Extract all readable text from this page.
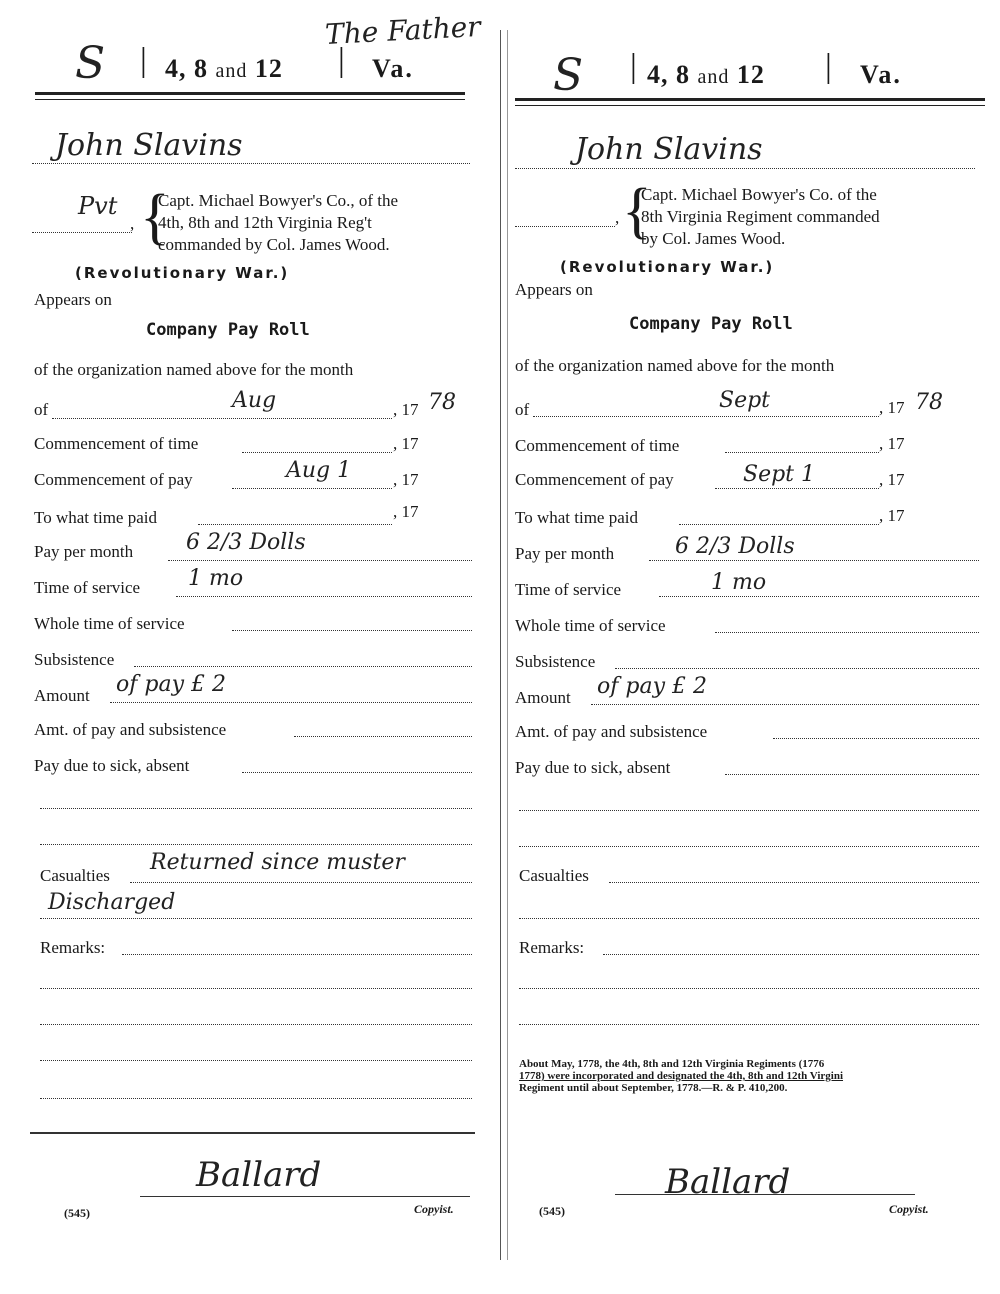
The Father
S | 4, 8 and 12 | Va.
John Slavins
Pvt
, {
Capt. Michael Bowyer's Co., of the
4th, 8th and 12th Virginia Reg't
commanded by Col. James Wood.
(Revolutionary War.)
Appears on
Company Pay Roll
of the organization named above for the month
of	Aug	, 17 78
Commencement of time	, 17
Commencement of pay	Aug 1 , 17
To what time paid	, 17
Pay per month 6 2/3 Dolls
Time of service 1 mo
Whole time of service
Subsistence
Amount of pay £ 2
Amt. of pay and subsistence
Pay due to sick, absent
Casualties
Returned since muster
Discharged
Remarks:
Ballard
(545)	Copyist.
S | 4, 8 and 12 | Va.
John Slavins
, {
Capt. Michael Bowyer's Co. of the
8th Virginia Regiment commanded
by Col. James Wood.
(Revolutionary War.)
Appears on
Company Pay Roll
of the organization named above for the month
of	Sept	, 17 78
Commencement of time	, 17
Commencement of pay	Sept 1	, 17
To what time paid	, 17
Pay per month	6 2/3 Dolls
Time of service	1 mo
Whole time of service
Subsistence
Amount of pay £ 2
Amt. of pay and subsistence
Pay due to sick, absent
Casualties
Remarks:
About May, 1778, the 4th, 8th and 12th Virginia Regiments (1776
1778) were incorporated and designated the 4th, 8th and 12th Virgini
Regiment until about September, 1778.—R. & P. 410,200.
Ballard
(545)	Copyist.
